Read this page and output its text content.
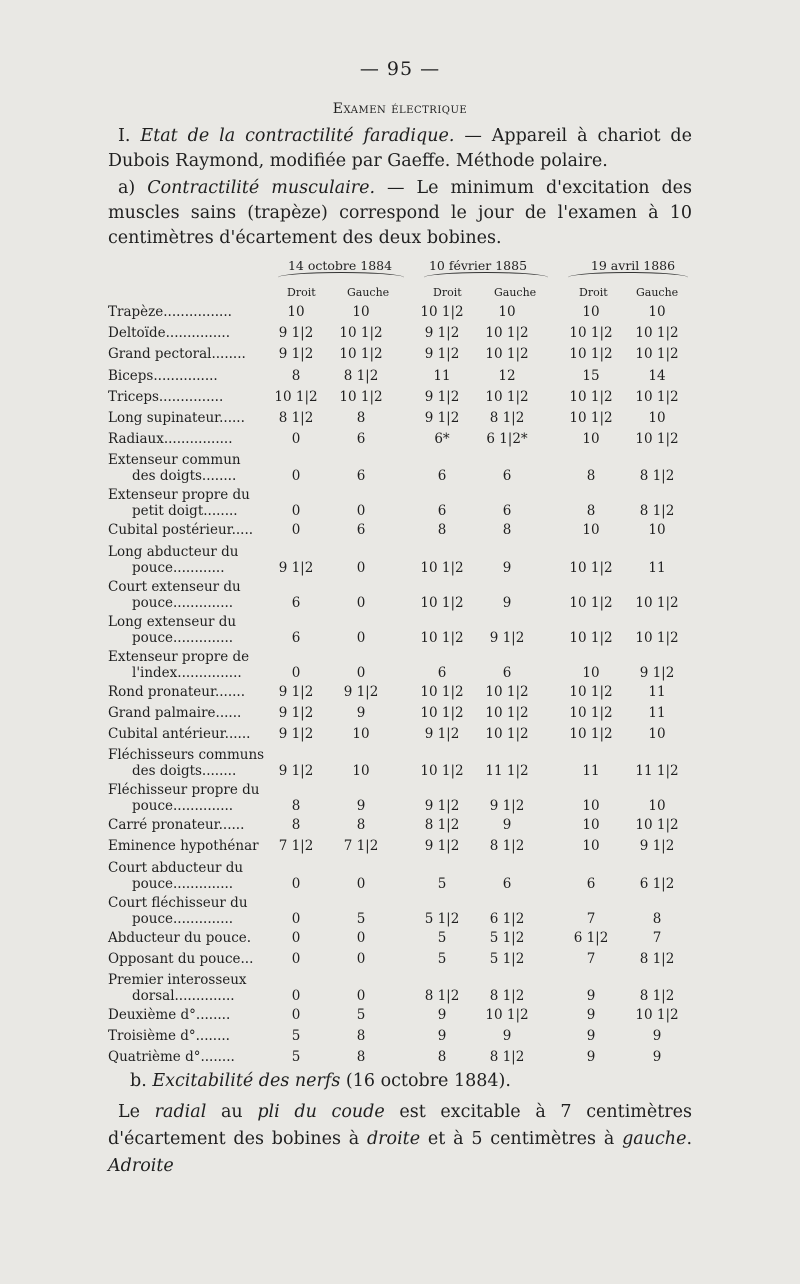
— 95 —
Examen électrique
I. Etat de la contractilité faradique. — Appareil à chariot de Dubois Raymond, modifiée par Gaeffe. Méthode polaire.
a) Contractilité musculaire. — Le minimum d'excitation des muscles sains (trapèze) correspond le jour de l'examen à 10 centimètres d'écartement des deux bobines.
14 octobre 1884	10 février 1885	19 avril 1886
Droit	Gauche	Droit	Gauche	Droit	Gauche
Trapèze................	10	10	10 1|2	10	10	10
Deltoïde...............	9 1|2	10 1|2	9 1|2	10 1|2	10 1|2	10 1|2
Grand pectoral........	9 1|2	10 1|2	9 1|2	10 1|2	10 1|2	10 1|2
Biceps...............	8	8 1|2	11	12	15	14
Triceps...............	10 1|2	10 1|2	9 1|2	10 1|2	10 1|2	10 1|2
Long supinateur......	8 1|2	8	9 1|2	8 1|2	10 1|2	10
Radiaux................	0	6	6*	6 1|2*	10	10 1|2
Extenseur commun
des doigts........	0	6	6	6	8	8 1|2
Extenseur propre du
petit doigt........	0	0	6	6	8	8 1|2
Cubital postérieur.....	0	6	8	8	10	10
Long abducteur du
pouce............	9 1|2	0	10 1|2	9	10 1|2	11
Court extenseur du
pouce..............	6	0	10 1|2	9	10 1|2	10 1|2
Long extenseur du
pouce..............	6	0	10 1|2	9 1|2	10 1|2	10 1|2
Extenseur propre de
l'index...............	0	0	6	6	10	9 1|2
Rond pronateur.......	9 1|2	9 1|2	10 1|2	10 1|2	10 1|2	11
Grand palmaire......	9 1|2	9	10 1|2	10 1|2	10 1|2	11
Cubital antérieur......	9 1|2	10	9 1|2	10 1|2	10 1|2	10
Fléchisseurs communs
des doigts........	9 1|2	10	10 1|2	11 1|2	11	11 1|2
Fléchisseur propre du
pouce..............	8	9	9 1|2	9 1|2	10	10
Carré pronateur......	8	8	8 1|2	9	10	10 1|2
Eminence hypothénar	7 1|2	7 1|2	9 1|2	8 1|2	10	9 1|2
Court abducteur du
pouce..............	0	0	5	6	6	6 1|2
Court fléchisseur du
pouce..............	0	5	5 1|2	6 1|2	7	8
Abducteur du pouce.	0	0	5	5 1|2	6 1|2	7
Opposant du pouce...	0	0	5	5 1|2	7	8 1|2
Premier interosseux
dorsal..............	0	0	8 1|2	8 1|2	9	8 1|2
Deuxième d°........	0	5	9	10 1|2	9	10 1|2
Troisième d°........	5	8	9	9	9	9
Quatrième d°........	5	8	8	8 1|2	9	9
b. Excitabilité des nerfs (16 octobre 1884).
Le radial au pli du coude est excitable à 7 centimètres d'écartement des bobines à droite et à 5 centimètres à gauche. Adroite
